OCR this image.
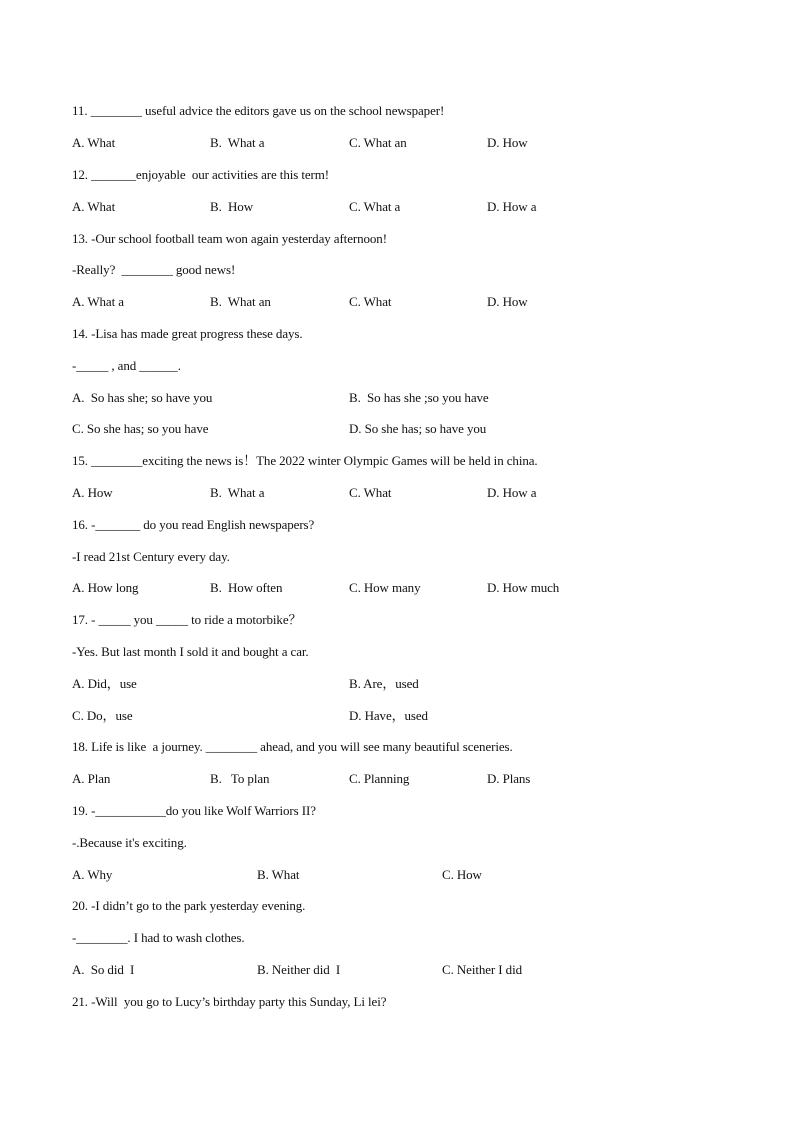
11. ________ useful advice the editors gave us on the school newspaper!
A. What	B.  What a	C. What an	D. How
12. _______enjoyable  our activities are this term!
A. What	B.  How	C. What a	D. How a
13. -Our school football team won again yesterday afternoon!
-Really?  ________ good news!
A. What a	B.  What an	C. What	D. How
14. -Lisa has made great progress these days.
-_____ , and ______.
A.  So has she; so have you	B.  So has she ;so you have
C. So she has; so you have	D. So she has; so have you
15. ________exciting the news is！The 2022 winter Olympic Games will be held in china.
A. How	B.  What a	C. What	D. How a
16. -_______ do you read English newspapers?
-I read 21st Century every day.
A. How long	B.  How often	C. How many	D. How much
17. - _____ you _____ to ride a motorbike？
-Yes. But last month I sold it and bought a car.
A. Did，use	B. Are，used
C. Do，use	D. Have，used
18. Life is like  a journey. ________ ahead, and you will see many beautiful sceneries.
A. Plan	B.   To plan	C. Planning	D. Plans
19. -___________do you like Wolf Warriors II?
-.Because it's exciting.
A. Why	B. What	C. How
20. -I didn’t go to the park yesterday evening.
-________. I had to wash clothes.
A.  So did  I	B. Neither did  I	C. Neither I did
21. -Will  you go to Lucy’s birthday party this Sunday, Li lei?
